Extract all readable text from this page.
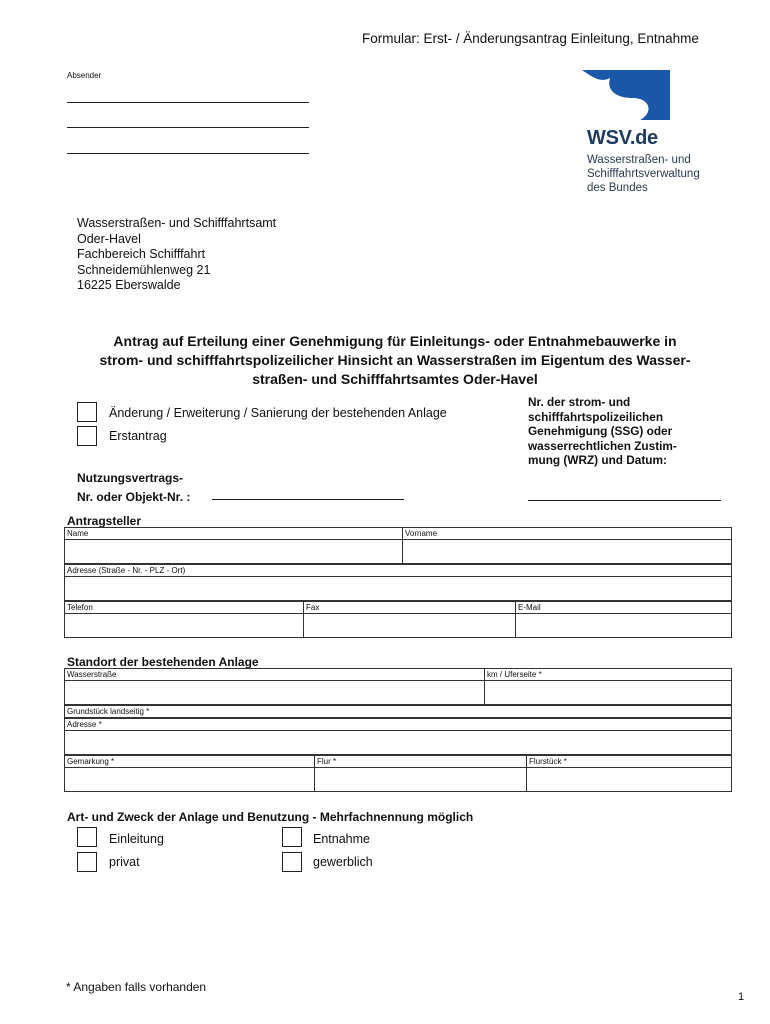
Formular: Erst- / Änderungsantrag Einleitung, Entnahme
Absender
WSV.de
Wasserstraßen- und
Schifffahrtsverwaltung
des Bundes
Wasserstraßen- und Schifffahrtsamt
Oder-Havel
Fachbereich Schifffahrt
Schneidemühlenweg 21
16225 Eberswalde
Antrag auf Erteilung einer Genehmigung für Einleitungs- oder Entnahmebauwerke in
strom- und schifffahrtspolizeilicher Hinsicht an Wasserstraßen im Eigentum des Wasser-
straßen- und Schifffahrtsamtes Oder-Havel
Änderung / Erweiterung / Sanierung der bestehenden Anlage
Erstantrag
Nr. der strom- und
schifffahrtspolizeilichen
Genehmigung (SSG) oder
wasserrechtlichen Zustim-
mung (WRZ) und Datum:
Nutzungsvertrags-
Nr. oder Objekt-Nr. :
Antragsteller
Name	Vorname
Adresse (Straße - Nr. - PLZ - Ort)
Telefon	Fax	E-Mail
Standort der bestehenden Anlage
Wasserstraße	km / Uferseite *
Grundstück landseitig *
Adresse *
Gemarkung *	Flur *	Flurstück *
Art- und Zweck der Anlage und Benutzung - Mehrfachnennung möglich
Einleitung	Entnahme
privat	gewerblich
* Angaben falls vorhanden
1
